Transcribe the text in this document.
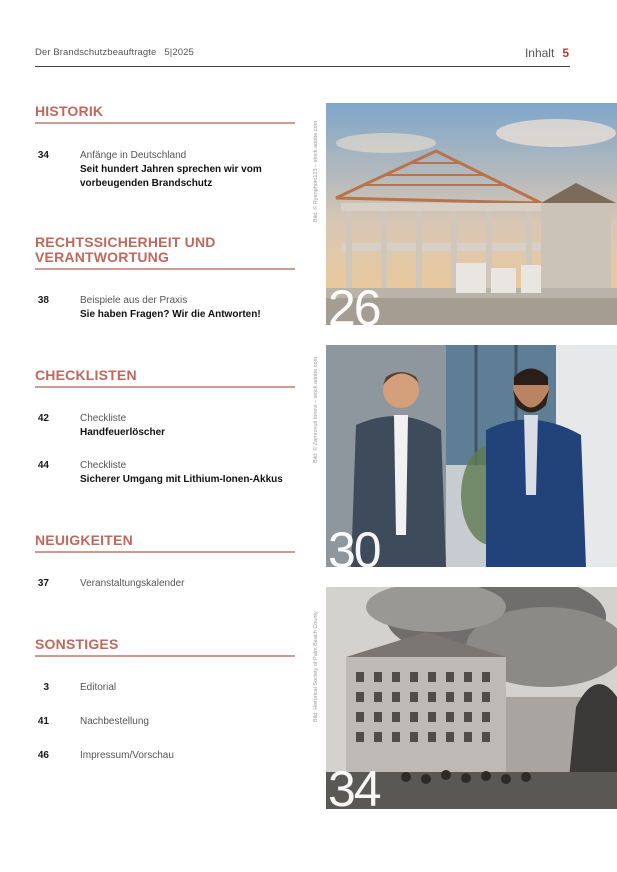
Der Brandschutzbeauftragte 5|2025	Inhalt 5
HISTORIK
34	Anfänge in Deutschland
Seit hundert Jahren sprechen wir vom vorbeugenden Brandschutz
RECHTSSICHERHEIT UND VERANTWORTUNG
38	Beispiele aus der Praxis
Sie haben Fragen? Wir die Antworten!
CHECKLISTEN
42	Checkliste
Handfeuerlöscher
44	Checkliste
Sicherer Umgang mit Lithium-Ionen-Akkus
NEUIGKEITEN
37	Veranstaltungskalender
SONSTIGES
3	Editorial
41	Nachbestellung
46	Impressum/Vorschau
Bild: © Ryanphoto123 – stock.adobe.com
26
Bild: © Zamrznuti tonovi – stock.adobe.com
30
Bild: Historical Society of Palm Beach County
34
